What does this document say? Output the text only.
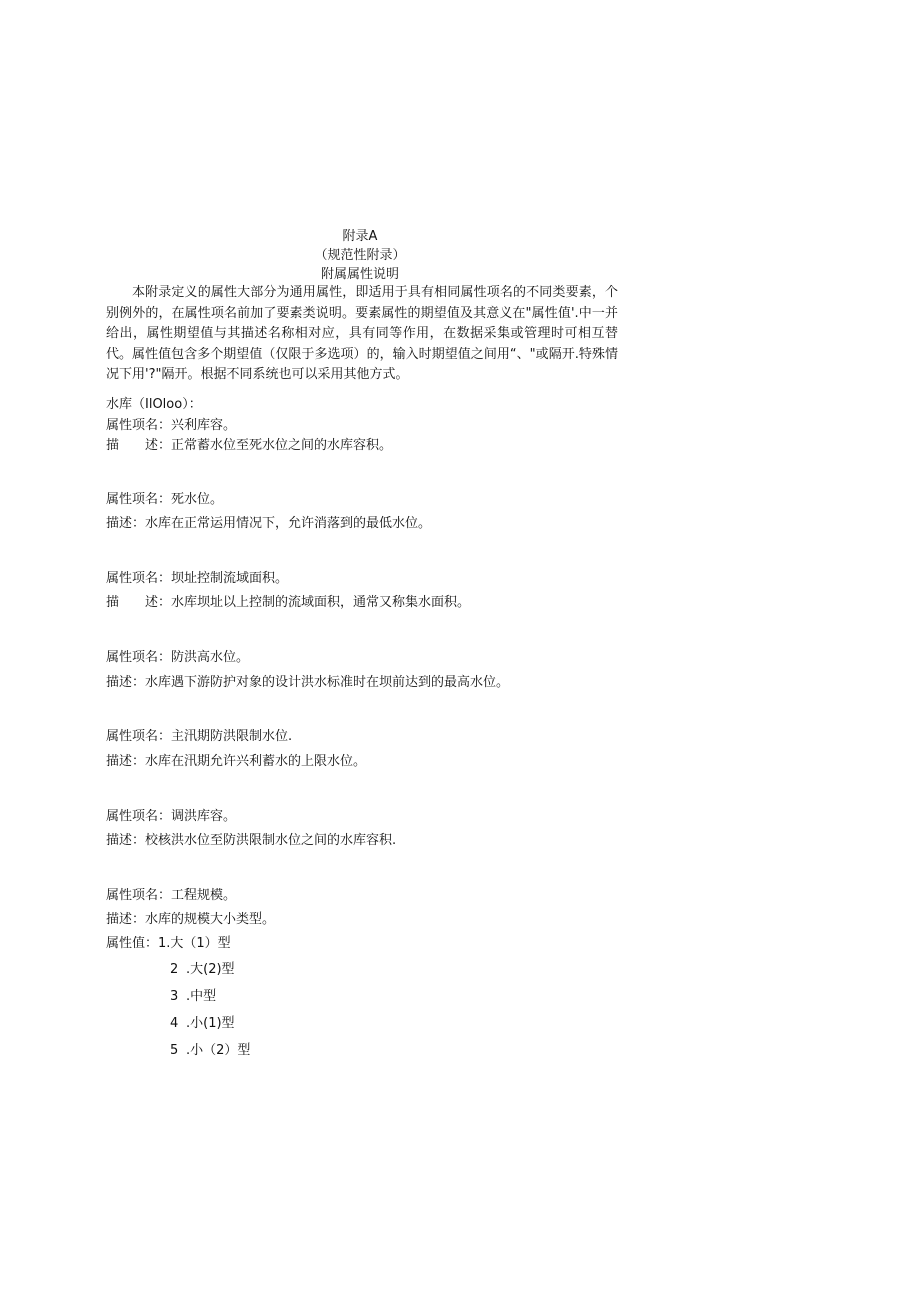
附录A
（规范性附录）
附属属性说明
本附录定义的属性大部分为通用属性，即适用于具有相同属性项名的不同类要素，个别例外的，在属性项名前加了要素类说明。要素属性的期望值及其意义在"属性值'.中一并给出，属性期望值与其描述名称相对应，具有同等作用，在数据采集或管理时可相互替代。属性值包含多个期望值（仅限于多选项）的，输入时期望值之间用“、"或隔开.特殊情况下用'?"隔开。根据不同系统也可以采用其他方式。
水库（IlOloo）：
属性项名：兴利库容。
描　　述：正常蓄水位至死水位之间的水库容积。
属性项名：死水位。
描述：水库在正常运用情况下，允许消落到的最低水位。
属性项名：坝址控制流域面积。
描　　述：水库坝址以上控制的流域面积，通常又称集水面积。
属性项名：防洪高水位。
描述：水库遇下游防护对象的设计洪水标准时在坝前达到的最高水位。
属性项名：主汛期防洪限制水位.
描述：水库在汛期允许兴利蓄水的上限水位。
属性项名：调洪库容。
描述：校核洪水位至防洪限制水位之间的水库容积.
属性项名：工程规模。
描述：水库的规模大小类型。
属性值：1.大（1）型
2 .大(2)型
3 .中型
4 .小(1)型
5 .小（2）型
